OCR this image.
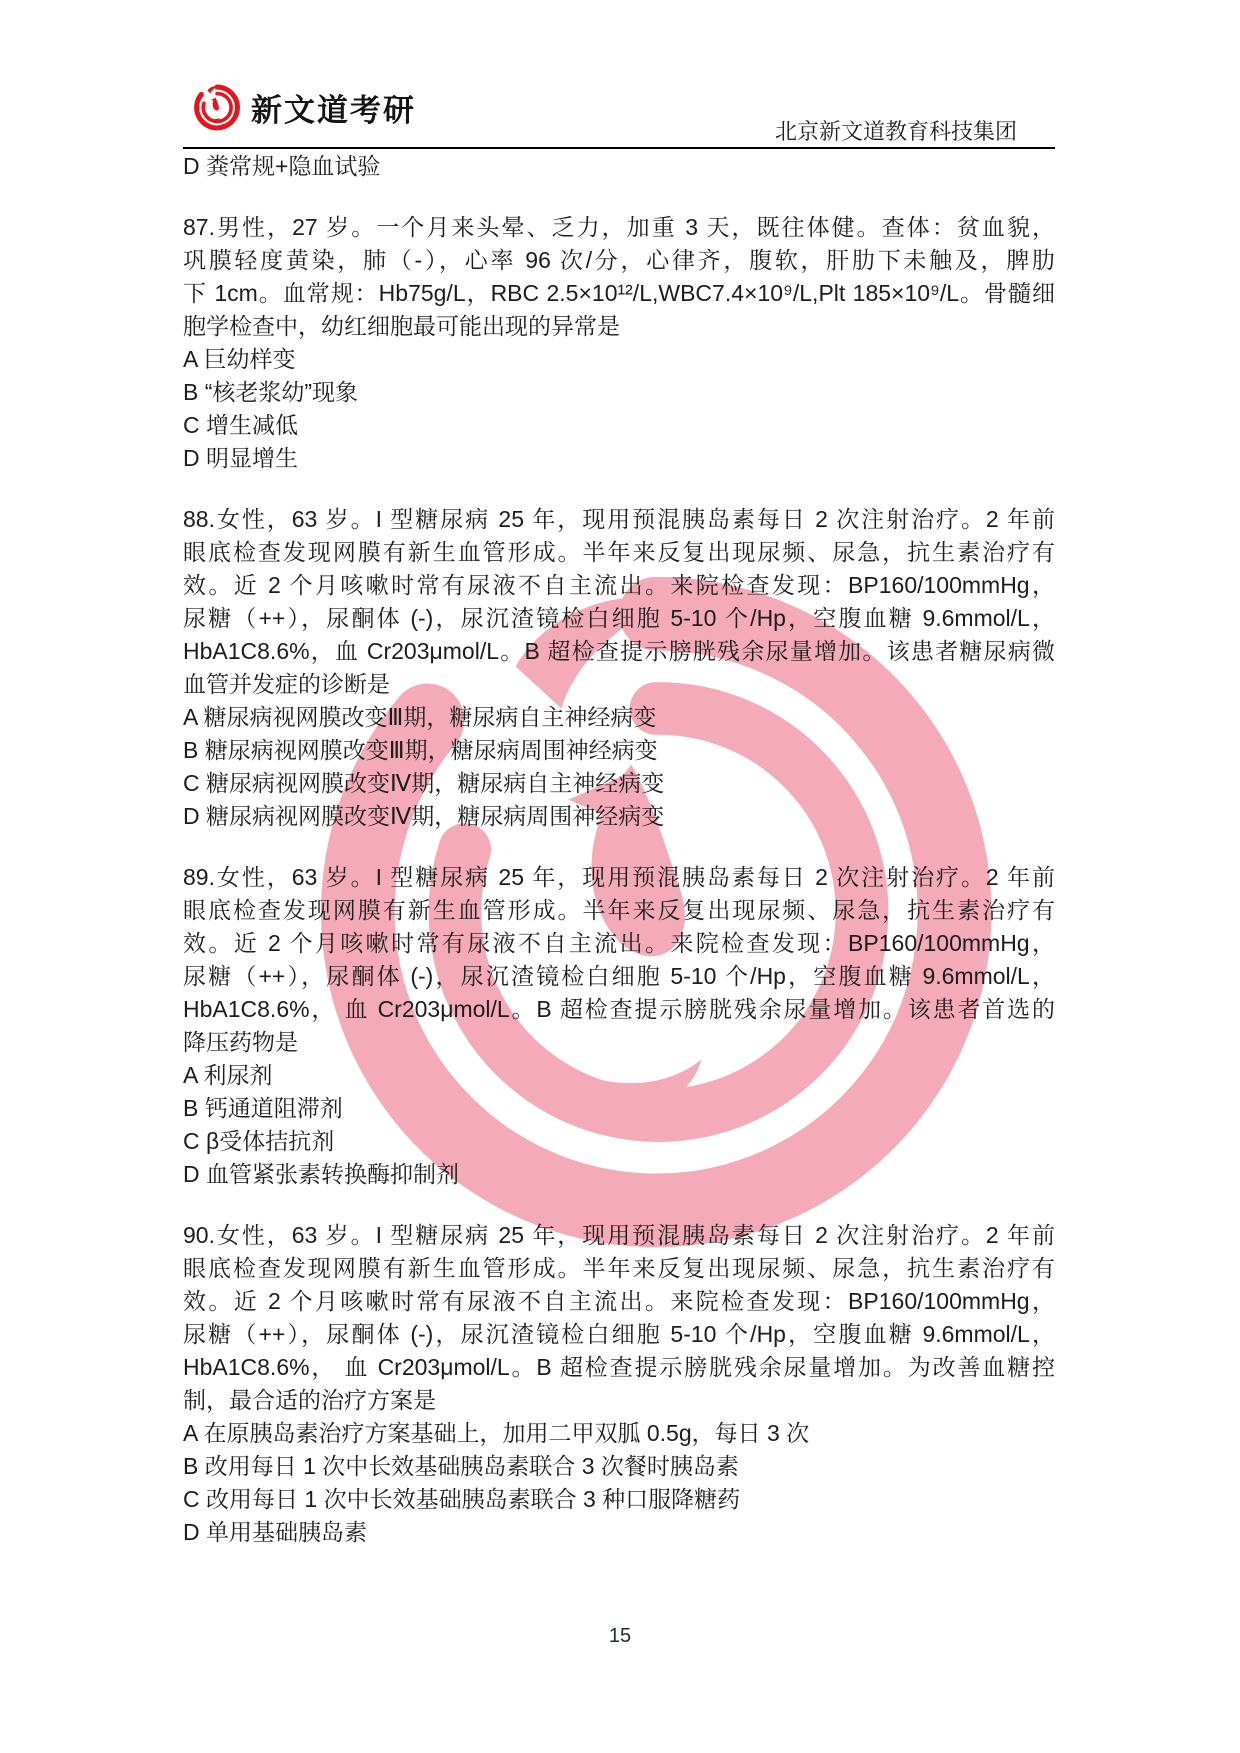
新文道考研
北京新文道教育科技集团
D 粪常规+隐血试验
87.男性，27 岁。一个月来头晕、乏力，加重 3 天，既往体健。查体：贫血貌，
巩膜轻度黄染，肺（-），心率 96 次/分，心律齐，腹软，肝肋下未触及，脾肋
下 1cm。血常规：Hb75g/L，RBC 2.5×10¹²/L,WBC7.4×10⁹/L,Plt 185×10⁹/L。骨髓细
胞学检查中，幼红细胞最可能出现的异常是
A 巨幼样变
B “核老浆幼”现象
C 增生减低
D 明显增生
88.女性，63 岁。I 型糖尿病 25 年，现用预混胰岛素每日 2 次注射治疗。2 年前
眼底检查发现网膜有新生血管形成。半年来反复出现尿频、尿急，抗生素治疗有
效。近 2 个月咳嗽时常有尿液不自主流出。来院检查发现：BP160/100mmHg，
尿糖（++），尿酮体 (-)，尿沉渣镜检白细胞 5-10 个/Hp，空腹血糖 9.6mmol/L，
HbA1C8.6%，血 Cr203μmol/L。B 超检查提示膀胱残余尿量增加。该患者糖尿病微
血管并发症的诊断是
A 糖尿病视网膜改变Ⅲ期，糖尿病自主神经病变
B 糖尿病视网膜改变Ⅲ期，糖尿病周围神经病变
C 糖尿病视网膜改变Ⅳ期，糖尿病自主神经病变
D 糖尿病视网膜改变Ⅳ期，糖尿病周围神经病变
89.女性，63 岁。I 型糖尿病 25 年，现用预混胰岛素每日 2 次注射治疗。2 年前
眼底检查发现网膜有新生血管形成。半年来反复出现尿频、尿急，抗生素治疗有
效。近 2 个月咳嗽时常有尿液不自主流出。来院检查发现：BP160/100mmHg，
尿糖（++），尿酮体 (-)，尿沉渣镜检白细胞 5-10 个/Hp，空腹血糖 9.6mmol/L，
HbA1C8.6%， 血 Cr203μmol/L。B 超检查提示膀胱残余尿量增加。该患者首选的
降压药物是
A 利尿剂
B 钙通道阻滞剂
C β受体拮抗剂
D 血管紧张素转换酶抑制剂
90.女性，63 岁。I 型糖尿病 25 年，现用预混胰岛素每日 2 次注射治疗。2 年前
眼底检查发现网膜有新生血管形成。半年来反复出现尿频、尿急，抗生素治疗有
效。近 2 个月咳嗽时常有尿液不自主流出。来院检查发现：BP160/100mmHg，
尿糖（++），尿酮体 (-)，尿沉渣镜检白细胞 5-10 个/Hp，空腹血糖 9.6mmol/L，
HbA1C8.6%， 血 Cr203μmol/L。B 超检查提示膀胱残余尿量增加。为改善血糖控
制，最合适的治疗方案是
A 在原胰岛素治疗方案基础上，加用二甲双胍 0.5g，每日 3 次
B 改用每日 1 次中长效基础胰岛素联合 3 次餐时胰岛素
C 改用每日 1 次中长效基础胰岛素联合 3 种口服降糖药
D 单用基础胰岛素
15
